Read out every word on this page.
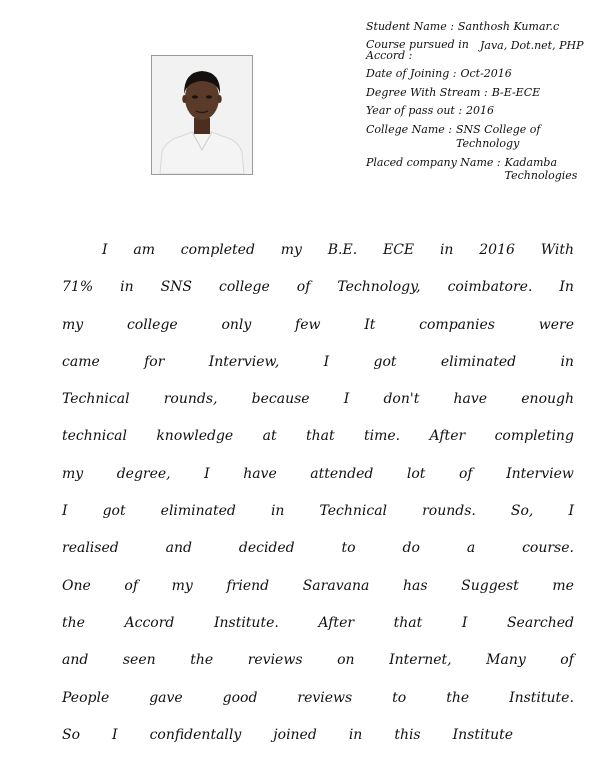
Student Name :	Santhosh Kumar.c
Course pursued in Accord :
Java, Dot.net, PHP
Date of Joining :	Oct-2016
Degree With Stream :	B-E-ECE
Year of pass out :	2016
College Name :	SNS College of Technology
Placed company Name :	Kadamba Technologies
I am completed my B.E. ECE in 2016 With
71% in SNS college of Technology, coimbatore. In
my	college	only	few	It	companies	were
came	for	Interview,	I	got	eliminated	in
Technical rounds, because I don't have enough
technical knowledge at that time. After completing
my degree, I have attended lot of Interview
I	got	eliminated	in	Technical	rounds.	So,	I
realised	and	decided	to	do	a	course.
One of my friend Saravana has Suggest me
the	Accord	Institute.	After	that	I	Searched
and seen the reviews on Internet, Many of
People	gave	good	reviews	to	the	Institute.
So I confidentally joined in this Institute
